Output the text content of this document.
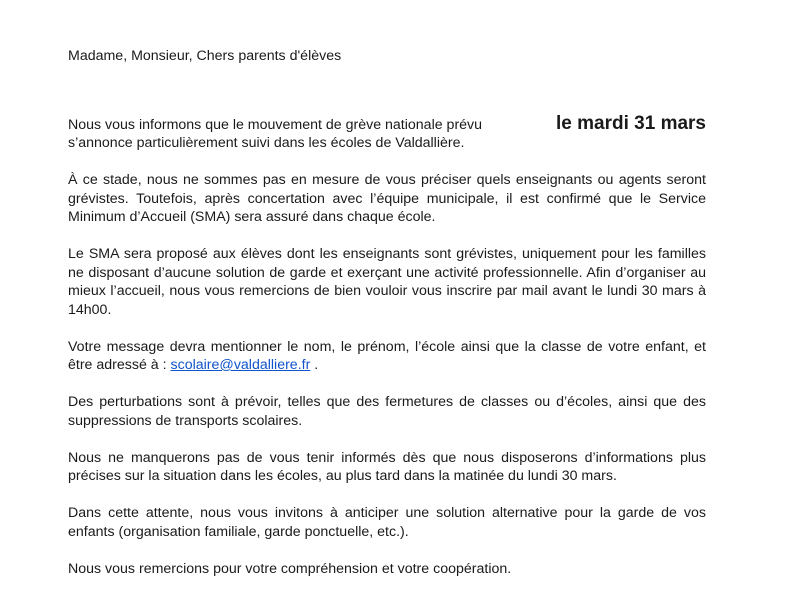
Madame, Monsieur, Chers parents d'élèves

Nous vous informons que le mouvement de grève nationale prévu	le mardi 31 mars

s’annonce particulièrement suivi dans les écoles de Valdallière.

À ce stade, nous ne sommes pas en mesure de vous préciser quels enseignants ou agents seront grévistes. Toutefois, après concertation avec l’équipe municipale, il est confirmé que le Service Minimum d’Accueil (SMA) sera assuré dans chaque école.

Le SMA sera proposé aux élèves dont les enseignants sont grévistes, uniquement pour les familles ne disposant d’aucune solution de garde et exerçant une activité professionnelle. Afin d’organiser au mieux l’accueil, nous vous remercions de bien vouloir vous inscrire par mail avant le lundi 30 mars à 14h00.

Votre message devra mentionner le nom, le prénom, l’école ainsi que la classe de votre enfant, et être adressé à : scolaire@valdalliere.fr .

Des perturbations sont à prévoir, telles que des fermetures de classes ou d’écoles, ainsi que des suppressions de transports scolaires.

Nous ne manquerons pas de vous tenir informés dès que nous disposerons d’informations plus précises sur la situation dans les écoles, au plus tard dans la matinée du lundi 30 mars.

Dans cette attente, nous vous invitons à anticiper une solution alternative pour la garde de vos enfants (organisation familiale, garde ponctuelle, etc.).

Nous vous remercions pour votre compréhension et votre coopération.
